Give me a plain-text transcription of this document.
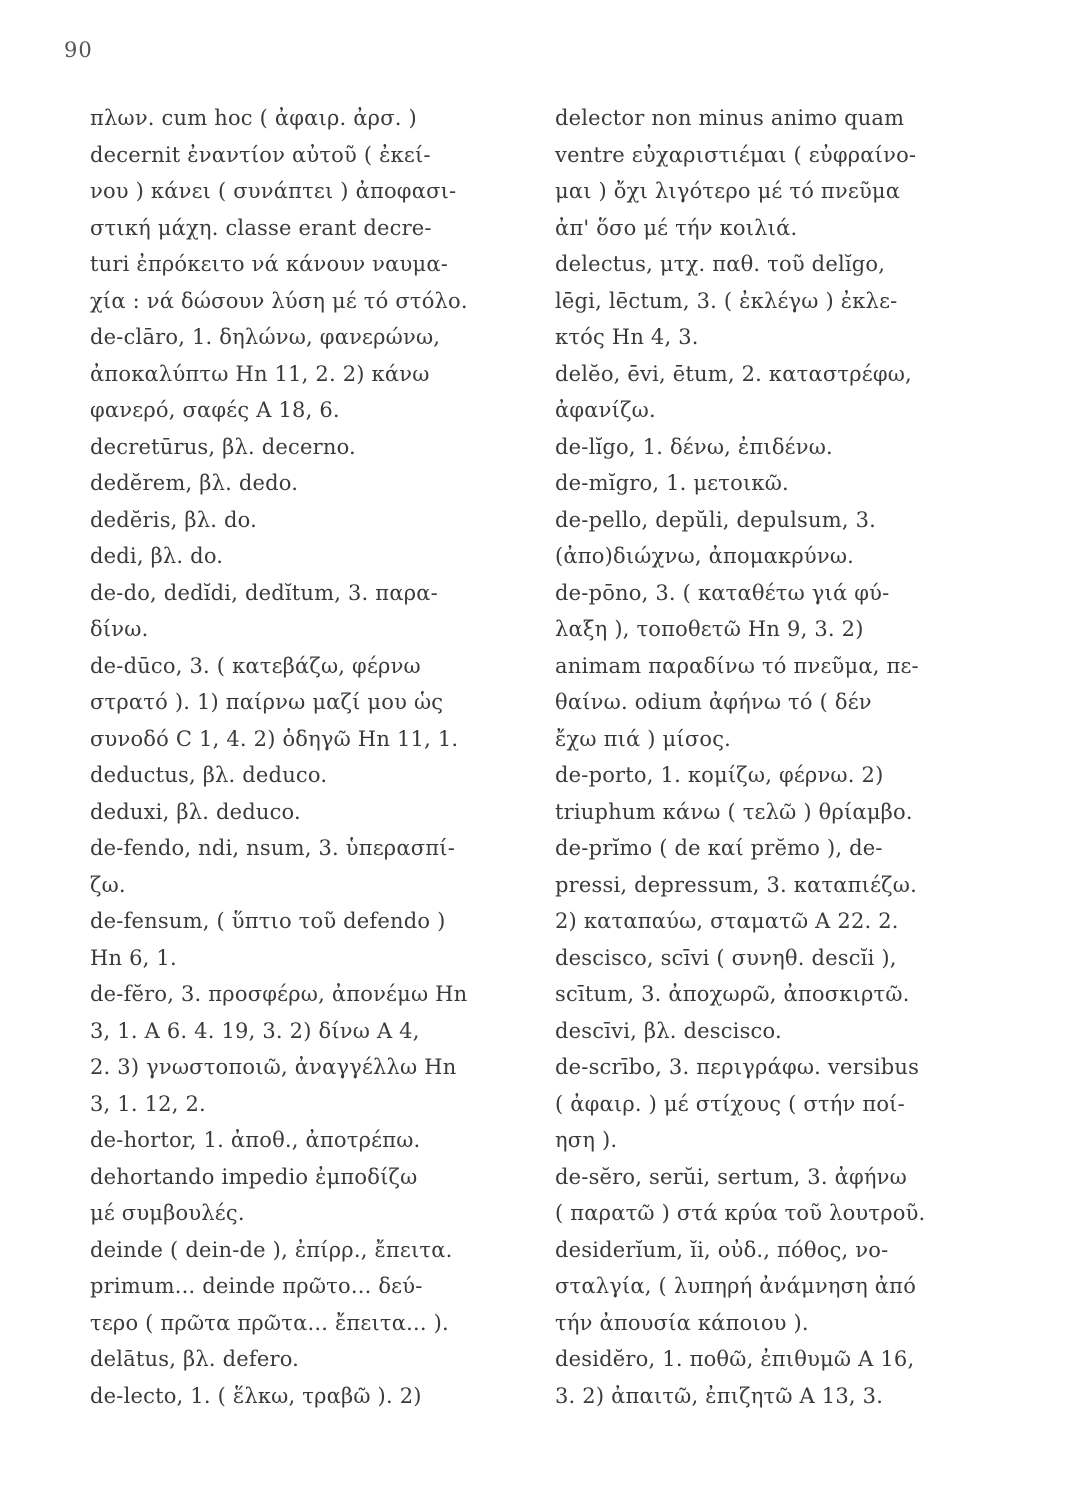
90
πλων. cum hoc ( ἀφαιρ. ἀρσ. )
decernit ἐναντίον αὐτοῦ ( ἐκεί-
νου ) κάνει ( συνάπτει ) ἀποφασι-
στική μάχη. classe erant decre-
turi ἐπρόκειτο νά κάνουν ναυμα-
χία : νά δώσουν λύση μέ τό στόλο.
de-clāro, 1. δηλώνω, φανερώνω,
ἀποκαλύπτω Hn 11, 2. 2) κάνω
φανερό, σαφές A 18, 6.
decretūrus, βλ. decerno.
dedĕrem, βλ. dedo.
dedĕris, βλ. do.
dedi, βλ. do.
de-do, dedĭdi, dedĭtum, 3. παρα-
δίνω.
de-dūco, 3. ( κατεβάζω, φέρνω
στρατό ). 1) παίρνω μαζί μου ὡς
συνοδό C 1, 4. 2) ὁδηγῶ Hn 11, 1.
deductus, βλ. deduco.
deduxi, βλ. deduco.
de-fendo, ndi, nsum, 3. ὑπερασπί-
ζω.
de-fensum, ( ὕπτιο τοῦ defendo )
Hn 6, 1.
de-fĕro, 3. προσφέρω, ἀπονέμω Hn
3, 1. A 6. 4. 19, 3. 2) δίνω A 4,
2. 3) γνωστοποιῶ, ἀναγγέλλω Hn
3, 1. 12, 2.
de-hortor, 1. ἀποθ., ἀποτρέπω.
dehortando impedio ἐμποδίζω
μέ συμβουλές.
deinde ( dein-de ), ἐπίρρ., ἔπειτα.
primum... deinde πρῶτο... δεύ-
τερο ( πρῶτα πρῶτα... ἔπειτα... ).
delātus, βλ. defero.
de-lecto, 1. ( ἕλκω, τραβῶ ). 2)
delector non minus animo quam
ventre εὐχαριστιέμαι ( εὐφραίνο-
μαι ) ὄχι λιγότερο μέ τό πνεῦμα
ἀπ' ὅσο μέ τήν κοιλιά.
delectus, μτχ. παθ. τοῦ delĭgo,
lēgi, lēctum, 3. ( ἐκλέγω ) ἐκλε-
κτός Hn 4, 3.
delĕo, ēvi, ētum, 2. καταστρέφω,
ἀφανίζω.
de-lĭgo, 1. δένω, ἐπιδένω.
de-mĭgro, 1. μετοικῶ.
de-pello, depŭli, depulsum, 3.
(ἀπο)διώχνω, ἀπομακρύνω.
de-pōno, 3. ( καταθέτω γιά φύ-
λαξη ), τοποθετῶ Hn 9, 3. 2)
animam παραδίνω τό πνεῦμα, πε-
θαίνω. odium ἀφήνω τό ( δέν
ἔχω πιά ) μίσος.
de-porto, 1. κομίζω, φέρνω. 2)
triuphum κάνω ( τελῶ ) θρίαμβο.
de-prĭmo ( de καί prĕmo ), de-
pressi, depressum, 3. καταπιέζω.
2) καταπαύω, σταματῶ A 22. 2.
descisco, scīvi ( συνηθ. descĭi ),
scītum, 3. ἀποχωρῶ, ἀποσκιρτῶ.
descīvi, βλ. descisco.
de-scrībo, 3. περιγράφω. versibus
( ἀφαιρ. ) μέ στίχους ( στήν ποί-
ηση ).
de-sĕro, serŭi, sertum, 3. ἀφήνω
( παρατῶ ) στά κρύα τοῦ λουτροῦ.
desiderĭum, ĭi, οὐδ., πόθος, νο-
σταλγία, ( λυπηρή ἀνάμνηση ἀπό
τήν ἀπουσία κάποιου ).
desidĕro, 1. ποθῶ, ἐπιθυμῶ A 16,
3. 2) ἀπαιτῶ, ἐπιζητῶ A 13, 3.
